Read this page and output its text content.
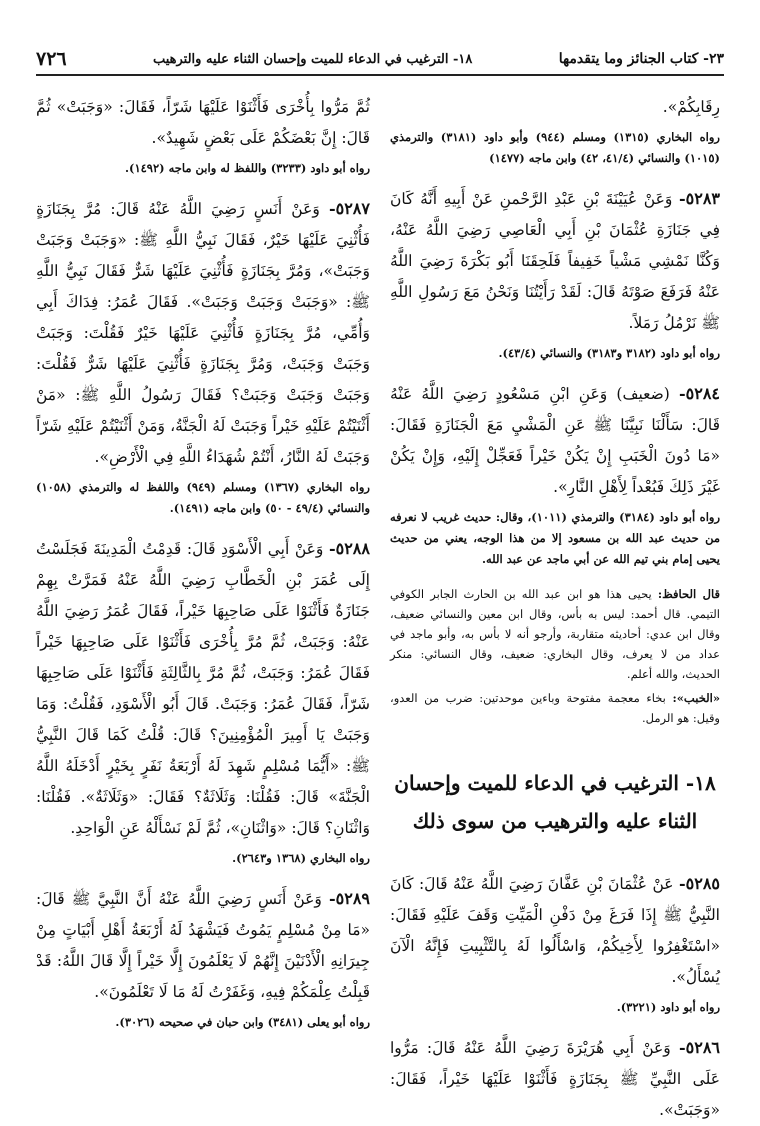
٢٣- كتاب الجنائز وما يتقدمها
١٨- الترغيب في الدعاء للميت وإحسان الثناء عليه والترهيب
٧٢٦

رِقَابِكُمْ».

رواه البخاري (١٣١٥) ومسلم (٩٤٤) وأبو داود (٣١٨١) والترمذي (١٠١٥) والنسائي (٤١/٤، ٤٢) وابن ماجه (١٤٧٧)

٥٢٨٣- وَعَنْ عُيَيْنَةَ بْنِ عَبْدِ الرَّحْمنِ عَنْ أَبِيهِ أَنَّهُ كَانَ فِي جَنَازَةِ عُثْمَانَ بْنِ أَبِي الْعَاصِي رَضِيَ اللَّهُ عَنْهُ، وَكُنَّا نَمْشِي مَشْياً خَفِيفاً فَلَحِقَنَا أَبُو بَكْرَةَ رَضِيَ اللَّهُ عَنْهُ فَرَفَعَ صَوْتَهُ قَالَ: لَقَدْ رَأَيْتُنَا وَنَحْنُ مَعَ رَسُولِ اللَّهِ ﷺ نَرْمُلُ رَمَلاً.

رواه أبو داود (٣١٨٢ و٣١٨٣) والنسائي (٤٣/٤).

٥٢٨٤- (ضعيف) وَعَنِ ابْنِ مَسْعُودٍ رَضِيَ اللَّهُ عَنْهُ قَالَ: سَأَلْنَا نَبِيَّنَا ﷺ عَنِ الْمَشْيِ مَعَ الْجَنَازَةِ فَقَالَ: «مَا دُونَ الْخَبَبِ إِنْ يَكُنْ خَيْراً فَعَجِّلْ إِلَيْهِ، وَإِنْ يَكُنْ غَيْرَ ذَلِكَ فَبُعْداً لِأَهْلِ النَّارِ».

رواه أبو داود (٣١٨٤) والترمذي (١٠١١)، وقال: حديث غريب لا نعرفه من حديث عبد الله بن مسعود إلا من هذا الوجه، يعني من حديث يحيى إمام بني تيم الله عن أبي ماجد عن عبد الله.

قال الحافظ: يحيى هذا هو ابن عبد الله بن الحارث الجابر الكوفي التيمي. قال أحمد: ليس به بأس، وقال ابن معين والنسائي ضعيف، وقال ابن عدي: أحاديثه متقاربة، وأرجو أنه لا بأس به، وأبو ماجد في عداد من لا يعرف، وقال البخاري: ضعيف، وقال النسائي: منكر الحديث، والله أعلم.

«الخبب»: بخاء معجمة مفتوحة وباءين موحدتين: ضرب من العدو، وقيل: هو الرمل.

١٨- الترغيب في الدعاء للميت وإحسان الثناء عليه والترهيب من سوى ذلك

٥٢٨٥- عَنْ عُثْمَانَ بْنِ عَفَّانَ رَضِيَ اللَّهُ عَنْهُ قَالَ: كَانَ النَّبِيُّ ﷺ إِذَا فَرَغَ مِنْ دَفْنِ الْمَيِّتِ وَقَفَ عَلَيْهِ فَقَالَ: «اسْتَغْفِرُوا لِأَخِيكُمْ، وَاسْأَلُوا لَهُ بِالتَّثْبِيتِ فَإِنَّهُ الْآنَ يُسْأَلُ».

رواه أبو داود (٣٢٢١).

٥٢٨٦- وَعَنْ أَبِي هُرَيْرَةَ رَضِيَ اللَّهُ عَنْهُ قَالَ: مَرُّوا عَلَى النَّبِيِّ ﷺ بِجَنَازَةٍ فَأَثْنَوْا عَلَيْهَا خَيْراً، فَقَالَ: «وَجَبَتْ».

ثُمَّ مَرُّوا بِأُخْرَى فَأَثْنَوْا عَلَيْهَا شَرّاً، فَقَالَ: «وَجَبَتْ» ثُمَّ قَالَ: إِنَّ بَعْضَكُمْ عَلَى بَعْضٍ شَهِيدٌ».

رواه أبو داود (٣٢٣٣) واللفظ له وابن ماجه (١٤٩٢).

٥٢٨٧- وَعَنْ أَنَسٍ رَضِيَ اللَّهُ عَنْهُ قَالَ: مُرَّ بِجَنَازَةٍ فَأُثْنِيَ عَلَيْهَا خَيْرٌ، فَقَالَ نَبِيُّ اللَّهِ ﷺ: «وَجَبَتْ وَجَبَتْ وَجَبَتْ»، وَمُرَّ بِجَنَازَةٍ فَأُثْنِيَ عَلَيْهَا شَرٌّ فَقَالَ نَبِيُّ اللَّهِ ﷺ: «وَجَبَتْ وَجَبَتْ وَجَبَتْ». فَقَالَ عُمَرُ: فِدَاكَ أَبِي وَأُمِّي، مُرَّ بِجَنَازَةٍ فَأُثْنِيَ عَلَيْهَا خَيْرٌ فَقُلْتَ: وَجَبَتْ وَجَبَتْ وَجَبَتْ، وَمُرَّ بِجَنَازَةٍ فَأُثْنِيَ عَلَيْهَا شَرٌّ فَقُلْتَ: وَجَبَتْ وَجَبَتْ وَجَبَتْ؟ فَقَالَ رَسُولُ اللَّهِ ﷺ: «مَنْ أَثْنَيْتُمْ عَلَيْهِ خَيْراً وَجَبَتْ لَهُ الْجَنَّةُ، وَمَنْ أَثْنَيْتُمْ عَلَيْهِ شَرّاً وَجَبَتْ لَهُ النَّارُ، أَنْتُمْ شُهَدَاءُ اللَّهِ فِي الْأَرْضِ».

رواه البخاري (١٣٦٧) ومسلم (٩٤٩) واللفظ له والترمذي (١٠٥٨) والنسائي (٤٩/٤ - ٥٠) وابن ماجه (١٤٩١).

٥٢٨٨- وَعَنْ أَبِي الْأَسْوَدِ قَالَ: قَدِمْتُ الْمَدِينَةَ فَجَلَسْتُ إِلَى عُمَرَ بْنِ الْخَطَّابِ رَضِيَ اللَّهُ عَنْهُ فَمَرَّتْ بِهِمْ جَنَازَةٌ فَأَثْنَوْا عَلَى صَاحِبِهَا خَيْراً، فَقَالَ عُمَرُ رَضِيَ اللَّهُ عَنْهُ: وَجَبَتْ، ثُمَّ مُرَّ بِأُخْرَى فَأَثْنَوْا عَلَى صَاحِبِهَا خَيْراً فَقَالَ عُمَرُ: وَجَبَتْ، ثُمَّ مُرَّ بِالثَّالِثَةِ فَأَثْنَوْا عَلَى صَاحِبِهَا شَرّاً، فَقَالَ عُمَرُ: وَجَبَتْ. قَالَ أَبُو الْأَسْوَدِ، فَقُلْتُ: وَمَا وَجَبَتْ يَا أَمِيرَ الْمُؤْمِنِينَ؟ قَالَ: قُلْتُ كَمَا قَالَ النَّبِيُّ ﷺ: «أَيُّمَا مُسْلِمٍ شَهِدَ لَهُ أَرْبَعَةُ نَفَرٍ بِخَيْرٍ أَدْخَلَهُ اللَّهُ الْجَنَّةَ» قَالَ: فَقُلْنَا: وَثَلَاثَةٌ؟ فَقَالَ: «وَثَلَاثَةٌ». فَقُلْنَا: وَاثْنَانِ؟ قَالَ: «وَاثْنَانِ»، ثُمَّ لَمْ نَسْأَلْهُ عَنِ الْوَاحِدِ.

رواه البخاري (١٣٦٨ و٢٦٤٣).

٥٢٨٩- وَعَنْ أَنَسٍ رَضِيَ اللَّهُ عَنْهُ أَنَّ النَّبِيَّ ﷺ قَالَ: «مَا مِنْ مُسْلِمٍ يَمُوتُ فَيَشْهَدُ لَهُ أَرْبَعَةُ أَهْلِ أَبْيَاتٍ مِنْ جِيرَانِهِ الْأَدْنَيْنَ إِنَّهُمْ لَا يَعْلَمُونَ إِلَّا خَيْراً إِلَّا قَالَ اللَّهُ: قَدْ قَبِلْتُ عِلْمَكُمْ فِيهِ، وَغَفَرْتُ لَهُ مَا لَا تَعْلَمُونَ».

رواه أبو يعلى (٣٤٨١) وابن حبان في صحيحه (٣٠٢٦).
